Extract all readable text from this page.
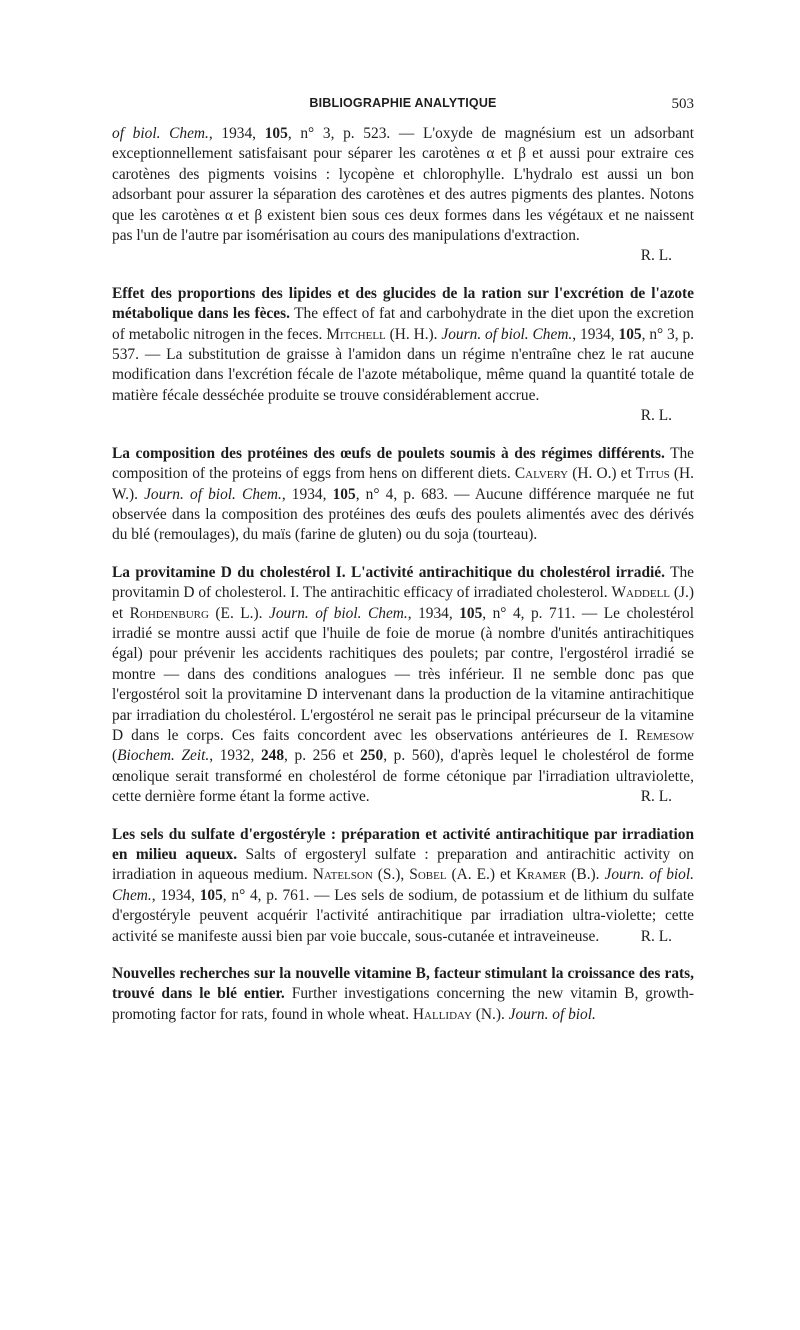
BIBLIOGRAPHIE ANALYTIQUE	503

of biol. Chem., 1934, 105, n° 3, p. 523. — L'oxyde de magnésium est un adsorbant exceptionnellement satisfaisant pour séparer les carotènes α et β et aussi pour extraire ces carotènes des pigments voisins : lycopène et chlorophylle. L'hydralo est aussi un bon adsorbant pour assurer la séparation des carotènes et des autres pigments des plantes. Notons que les carotènes α et β existent bien sous ces deux formes dans les végétaux et ne naissent pas l'un de l'autre par isomérisation au cours des manipulations d'extraction.

R. L.

Effet des proportions des lipides et des glucides de la ration sur l'excrétion de l'azote métabolique dans les fèces. The effect of fat and carbohydrate in the diet upon the excretion of metabolic nitrogen in the feces. Mitchell (H. H.). Journ. of biol. Chem., 1934, 105, n° 3, p. 537. — La substitution de graisse à l'amidon dans un régime n'entraîne chez le rat aucune modification dans l'excrétion fécale de l'azote métabolique, même quand la quantité totale de matière fécale desséchée produite se trouve considérablement accrue.

R. L.

La composition des protéines des œufs de poulets soumis à des régimes différents. The composition of the proteins of eggs from hens on different diets. Calvery (H. O.) et Titus (H. W.). Journ. of biol. Chem., 1934, 105, n° 4, p. 683. — Aucune différence marquée ne fut observée dans la composition des protéines des œufs des poulets alimentés avec des dérivés du blé (remoulages), du maïs (farine de gluten) ou du soja (tourteau).

La provitamine D du cholestérol I. L'activité antirachitique du cholestérol irradié. The provitamin D of cholesterol. I. The antirachitic efficacy of irradiated cholesterol. Waddell (J.) et Rohdenburg (E. L.). Journ. of biol. Chem., 1934, 105, n° 4, p. 711. — Le cholestérol irradié se montre aussi actif que l'huile de foie de morue (à nombre d'unités antirachitiques égal) pour prévenir les accidents rachitiques des poulets; par contre, l'ergostérol irradié se montre — dans des conditions analogues — très inférieur. Il ne semble donc pas que l'ergostérol soit la provitamine D intervenant dans la production de la vitamine antirachitique par irradiation du cholestérol. L'ergostérol ne serait pas le principal précurseur de la vitamine D dans le corps. Ces faits concordent avec les observations antérieures de I. Remesow (Biochem. Zeit., 1932, 248, p. 256 et 250, p. 560), d'après lequel le cholestérol de forme œnolique serait transformé en cholestérol de forme cétonique par l'irradiation ultraviolette, cette dernière forme étant la forme active.	R. L.

Les sels du sulfate d'ergostéryle : préparation et activité antirachitique par irradiation en milieu aqueux. Salts of ergosteryl sulfate : preparation and antirachitic activity on irradiation in aqueous medium. Natelson (S.), Sobel (A. E.) et Kramer (B.). Journ. of biol. Chem., 1934, 105, n° 4, p. 761. — Les sels de sodium, de potassium et de lithium du sulfate d'ergostéryle peuvent acquérir l'activité antirachitique par irradiation ultra-violette; cette activité se manifeste aussi bien par voie buccale, sous-cutanée et intraveineuse.	R. L.

Nouvelles recherches sur la nouvelle vitamine B, facteur stimulant la croissance des rats, trouvé dans le blé entier. Further investigations concerning the new vitamin B, growth-promoting factor for rats, found in whole wheat. Halliday (N.). Journ. of biol.
